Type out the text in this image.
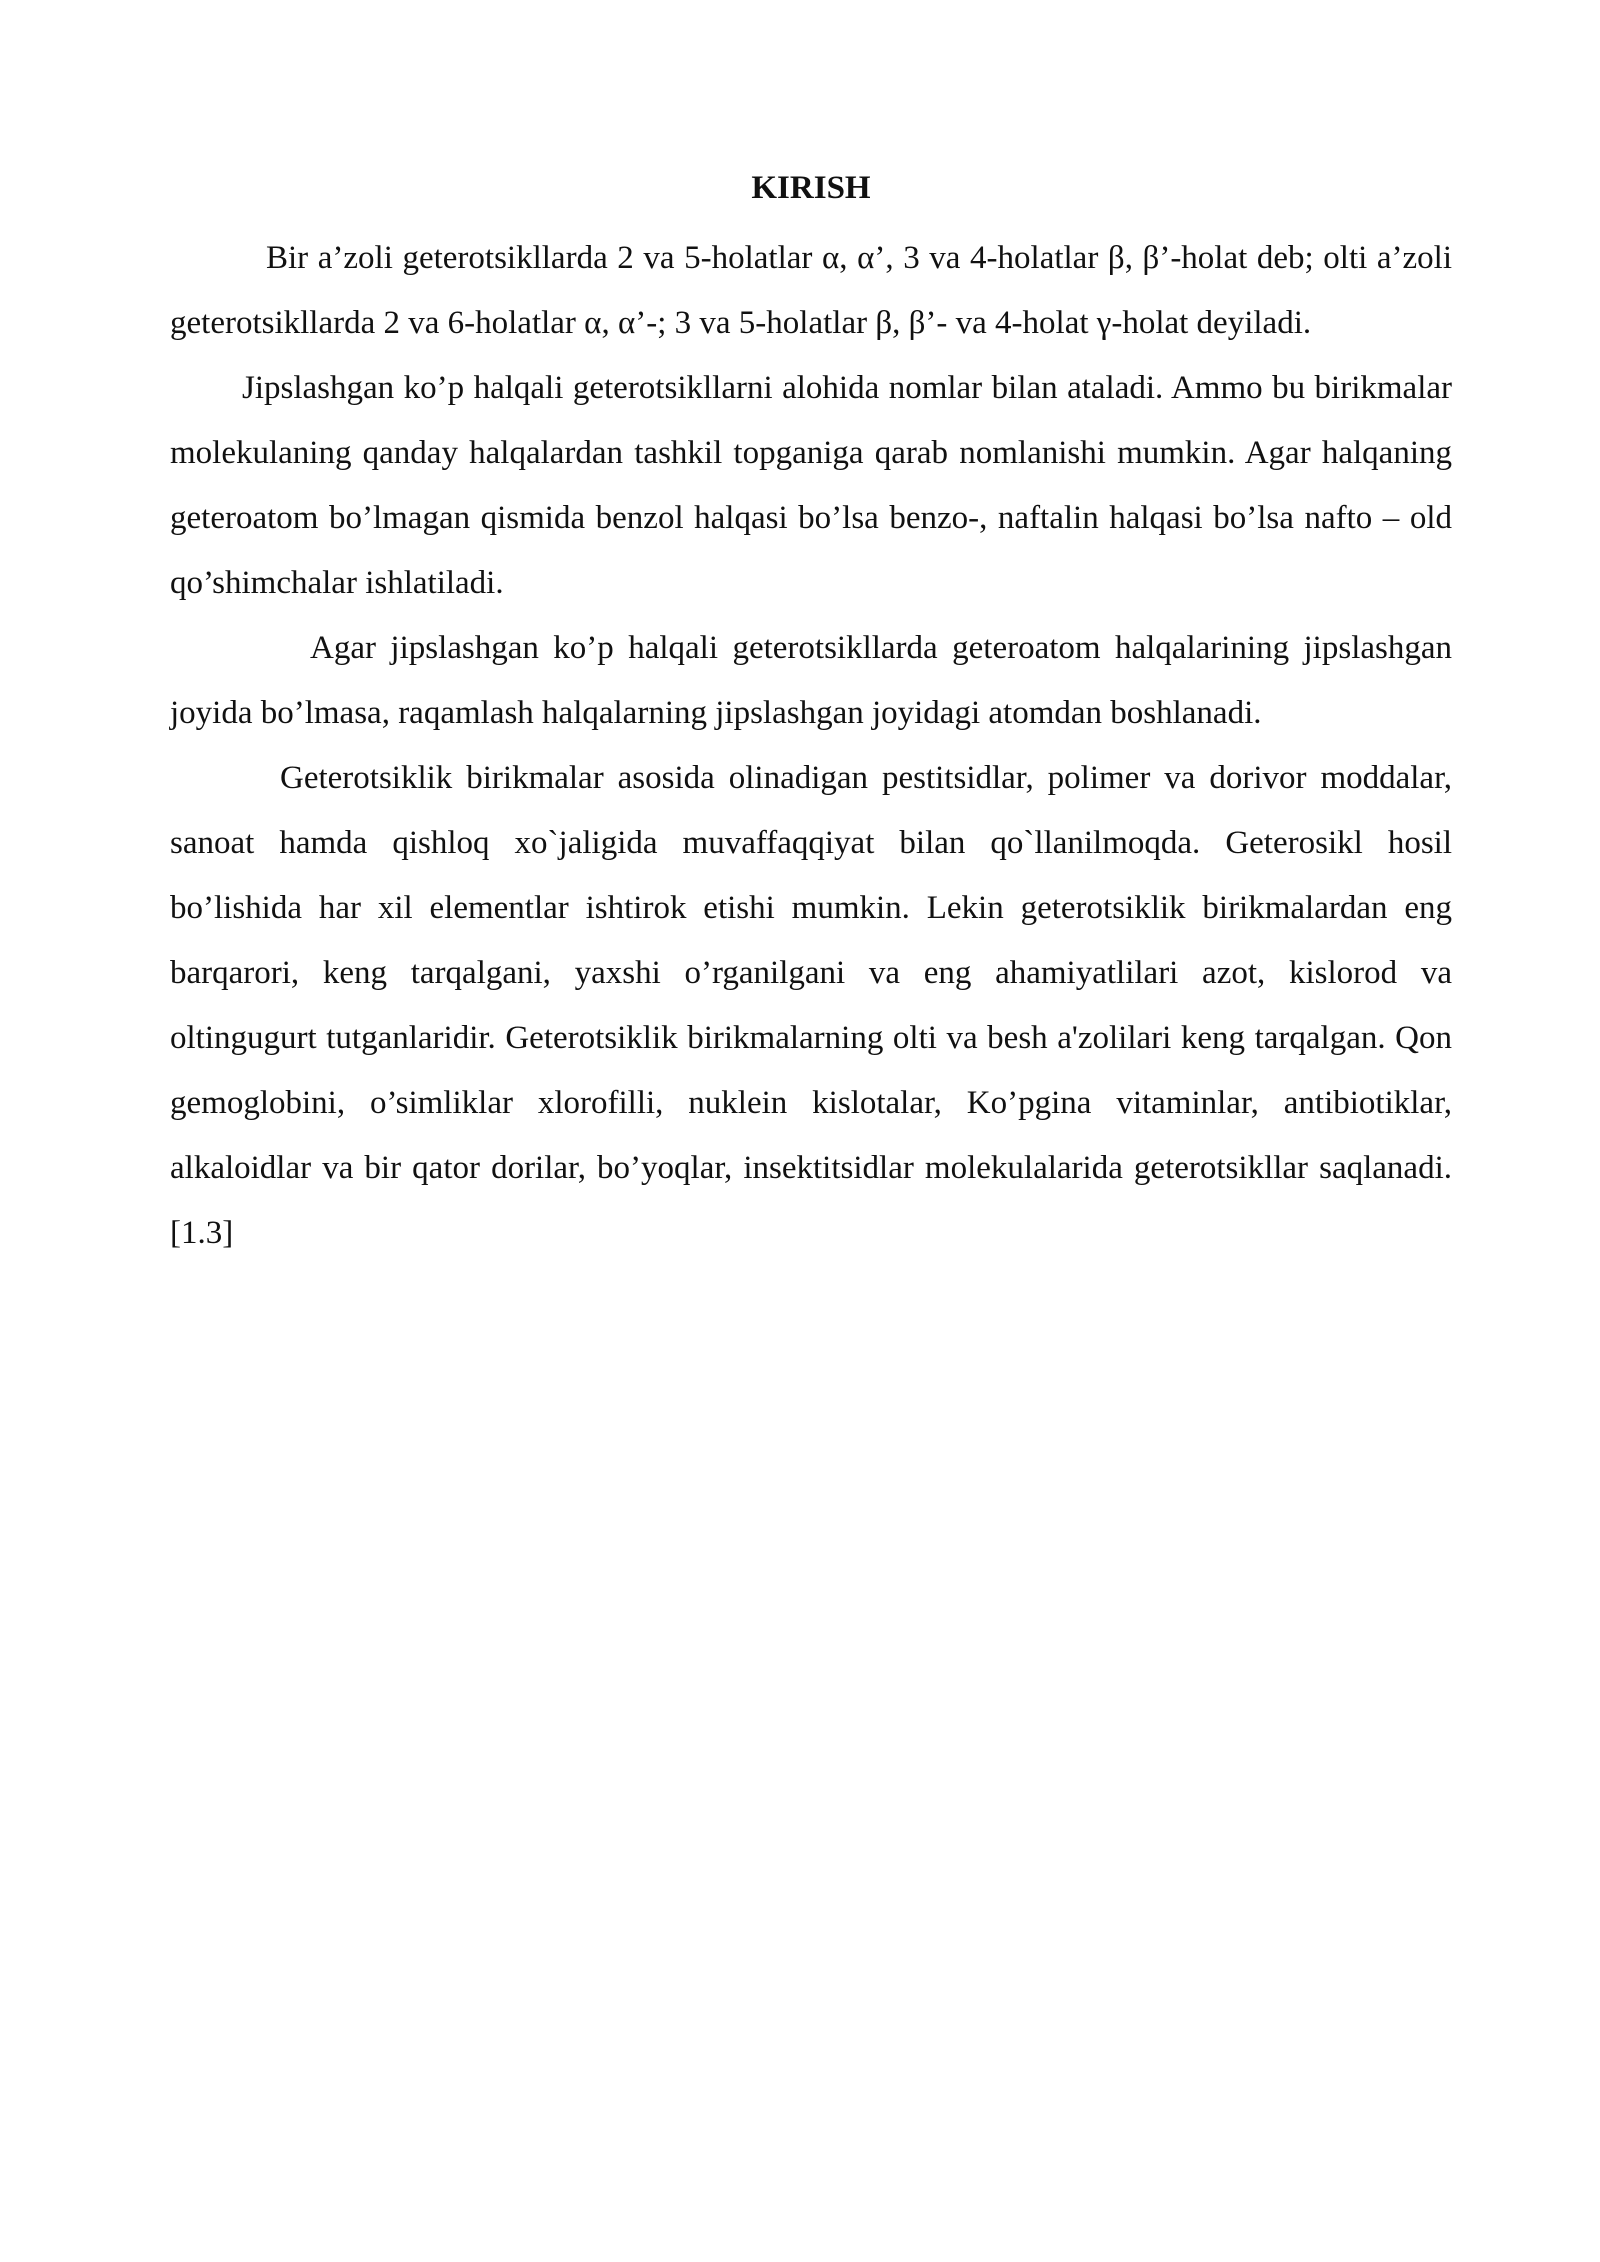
KIRISH

Bir a’zoli geterotsikllarda 2 va 5-holatlar α, α’, 3 va 4-holatlar β, β’-holat deb; olti a’zoli geterotsikllarda 2 va 6-holatlar α, α’-; 3 va 5-holatlar β, β’- va 4-holat γ-holat deyiladi.

Jipslashgan ko’p halqali geterotsikllarni alohida nomlar bilan ataladi. Ammo bu birikmalar molekulaning qanday halqalardan tashkil topganiga qarab nomlanishi mumkin. Agar halqaning geteroatom bo’lmagan qismida benzol halqasi bo’lsa benzo-, naftalin halqasi bo’lsa nafto – old qo’shimchalar ishlatiladi.

Agar jipslashgan ko’p halqali geterotsikllarda geteroatom halqalarining jipslashgan joyida bo’lmasa, raqamlash halqalarning jipslashgan joyidagi atomdan boshlanadi.

Geterotsiklik birikmalar asosida olinadigan pestitsidlar, polimer va dorivor moddalar, sanoat hamda qishloq xo`jaligida muvaffaqqiyat bilan qo`llanilmoqda. Geterosikl hosil bo’lishida har xil elementlar ishtirok etishi mumkin. Lekin geterotsiklik birikmalardan eng barqarori, keng tarqalgani, yaxshi o’rganilgani va eng ahamiyatlilari azot, kislorod va oltingugurt tutganlaridir. Geterotsiklik birikmalarning olti va besh a'zolilari keng tarqalgan. Qon gemoglobini, o’simliklar xlorofilli, nuklein kislotalar, Ko’pgina vitaminlar, antibiotiklar, alkaloidlar va bir qator dorilar, bo’yoqlar, insektitsidlar molekulalarida geterotsikllar saqlanadi.[1.3]
